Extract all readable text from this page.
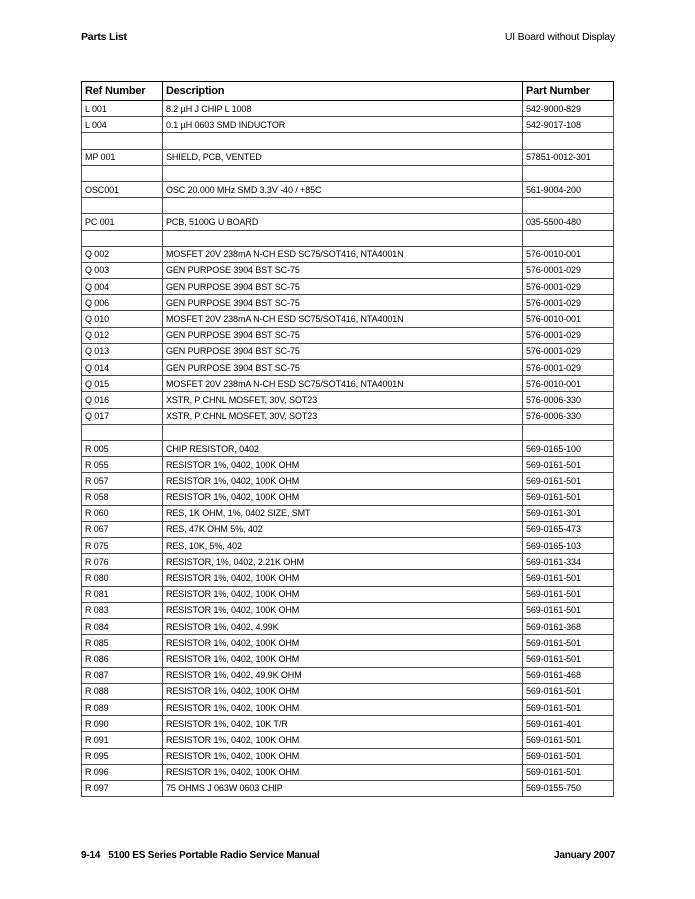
Parts List	UI Board without Display
Ref Number	Description	Part Number
L 001	8.2 µH J CHIP L 1008	542-9000-829
L 004	0.1 µH 0603 SMD INDUCTOR	542-9017-108

MP 001	SHIELD, PCB, VENTED	57851-0012-301

OSC001	OSC 20.000 MHz SMD 3.3V -40 / +85C	561-9004-200

PC 001	PCB, 5100G U BOARD	035-5500-480

Q 002	MOSFET 20V 238mA N-CH ESD SC75/SOT416, NTA4001N	576-0010-001
Q 003	GEN PURPOSE 3904 BST SC-75	576-0001-029
Q 004	GEN PURPOSE 3904 BST SC-75	576-0001-029
Q 006	GEN PURPOSE 3904 BST SC-75	576-0001-029
Q 010	MOSFET 20V 238mA N-CH ESD SC75/SOT416, NTA4001N	576-0010-001
Q 012	GEN PURPOSE 3904 BST SC-75	576-0001-029
Q 013	GEN PURPOSE 3904 BST SC-75	576-0001-029
Q 014	GEN PURPOSE 3904 BST SC-75	576-0001-029
Q 015	MOSFET 20V 238mA N-CH ESD SC75/SOT416, NTA4001N	576-0010-001
Q 016	XSTR, P CHNL MOSFET, 30V, SOT23	576-0006-330
Q 017	XSTR, P CHNL MOSFET, 30V, SOT23	576-0006-330

R 005	CHIP RESISTOR, 0402	569-0165-100
R 055	RESISTOR 1%, 0402, 100K OHM	569-0161-501
R 057	RESISTOR 1%, 0402, 100K OHM	569-0161-501
R 058	RESISTOR 1%, 0402, 100K OHM	569-0161-501
R 060	RES, 1K OHM, 1%, 0402 SIZE, SMT	569-0161-301
R 067	RES, 47K OHM 5%, 402	569-0165-473
R 075	RES, 10K, 5%, 402	569-0165-103
R 076	RESISTOR, 1%, 0402, 2.21K OHM	569-0161-334
R 080	RESISTOR 1%, 0402, 100K OHM	569-0161-501
R 081	RESISTOR 1%, 0402, 100K OHM	569-0161-501
R 083	RESISTOR 1%, 0402, 100K OHM	569-0161-501
R 084	RESISTOR 1%, 0402, 4.99K	569-0161-368
R 085	RESISTOR 1%, 0402, 100K OHM	569-0161-501
R 086	RESISTOR 1%, 0402, 100K OHM	569-0161-501
R 087	RESISTOR 1%, 0402, 49.9K OHM	569-0161-468
R 088	RESISTOR 1%, 0402, 100K OHM	569-0161-501
R 089	RESISTOR 1%, 0402, 100K OHM	569-0161-501
R 090	RESISTOR 1%, 0402, 10K T/R	569-0161-401
R 091	RESISTOR 1%, 0402, 100K OHM	569-0161-501
R 095	RESISTOR 1%, 0402, 100K OHM	569-0161-501
R 096	RESISTOR 1%, 0402, 100K OHM	569-0161-501
R 097	75 OHMS J 063W 0603 CHIP	569-0155-750
9-14 5100 ES Series Portable Radio Service Manual	January 2007
